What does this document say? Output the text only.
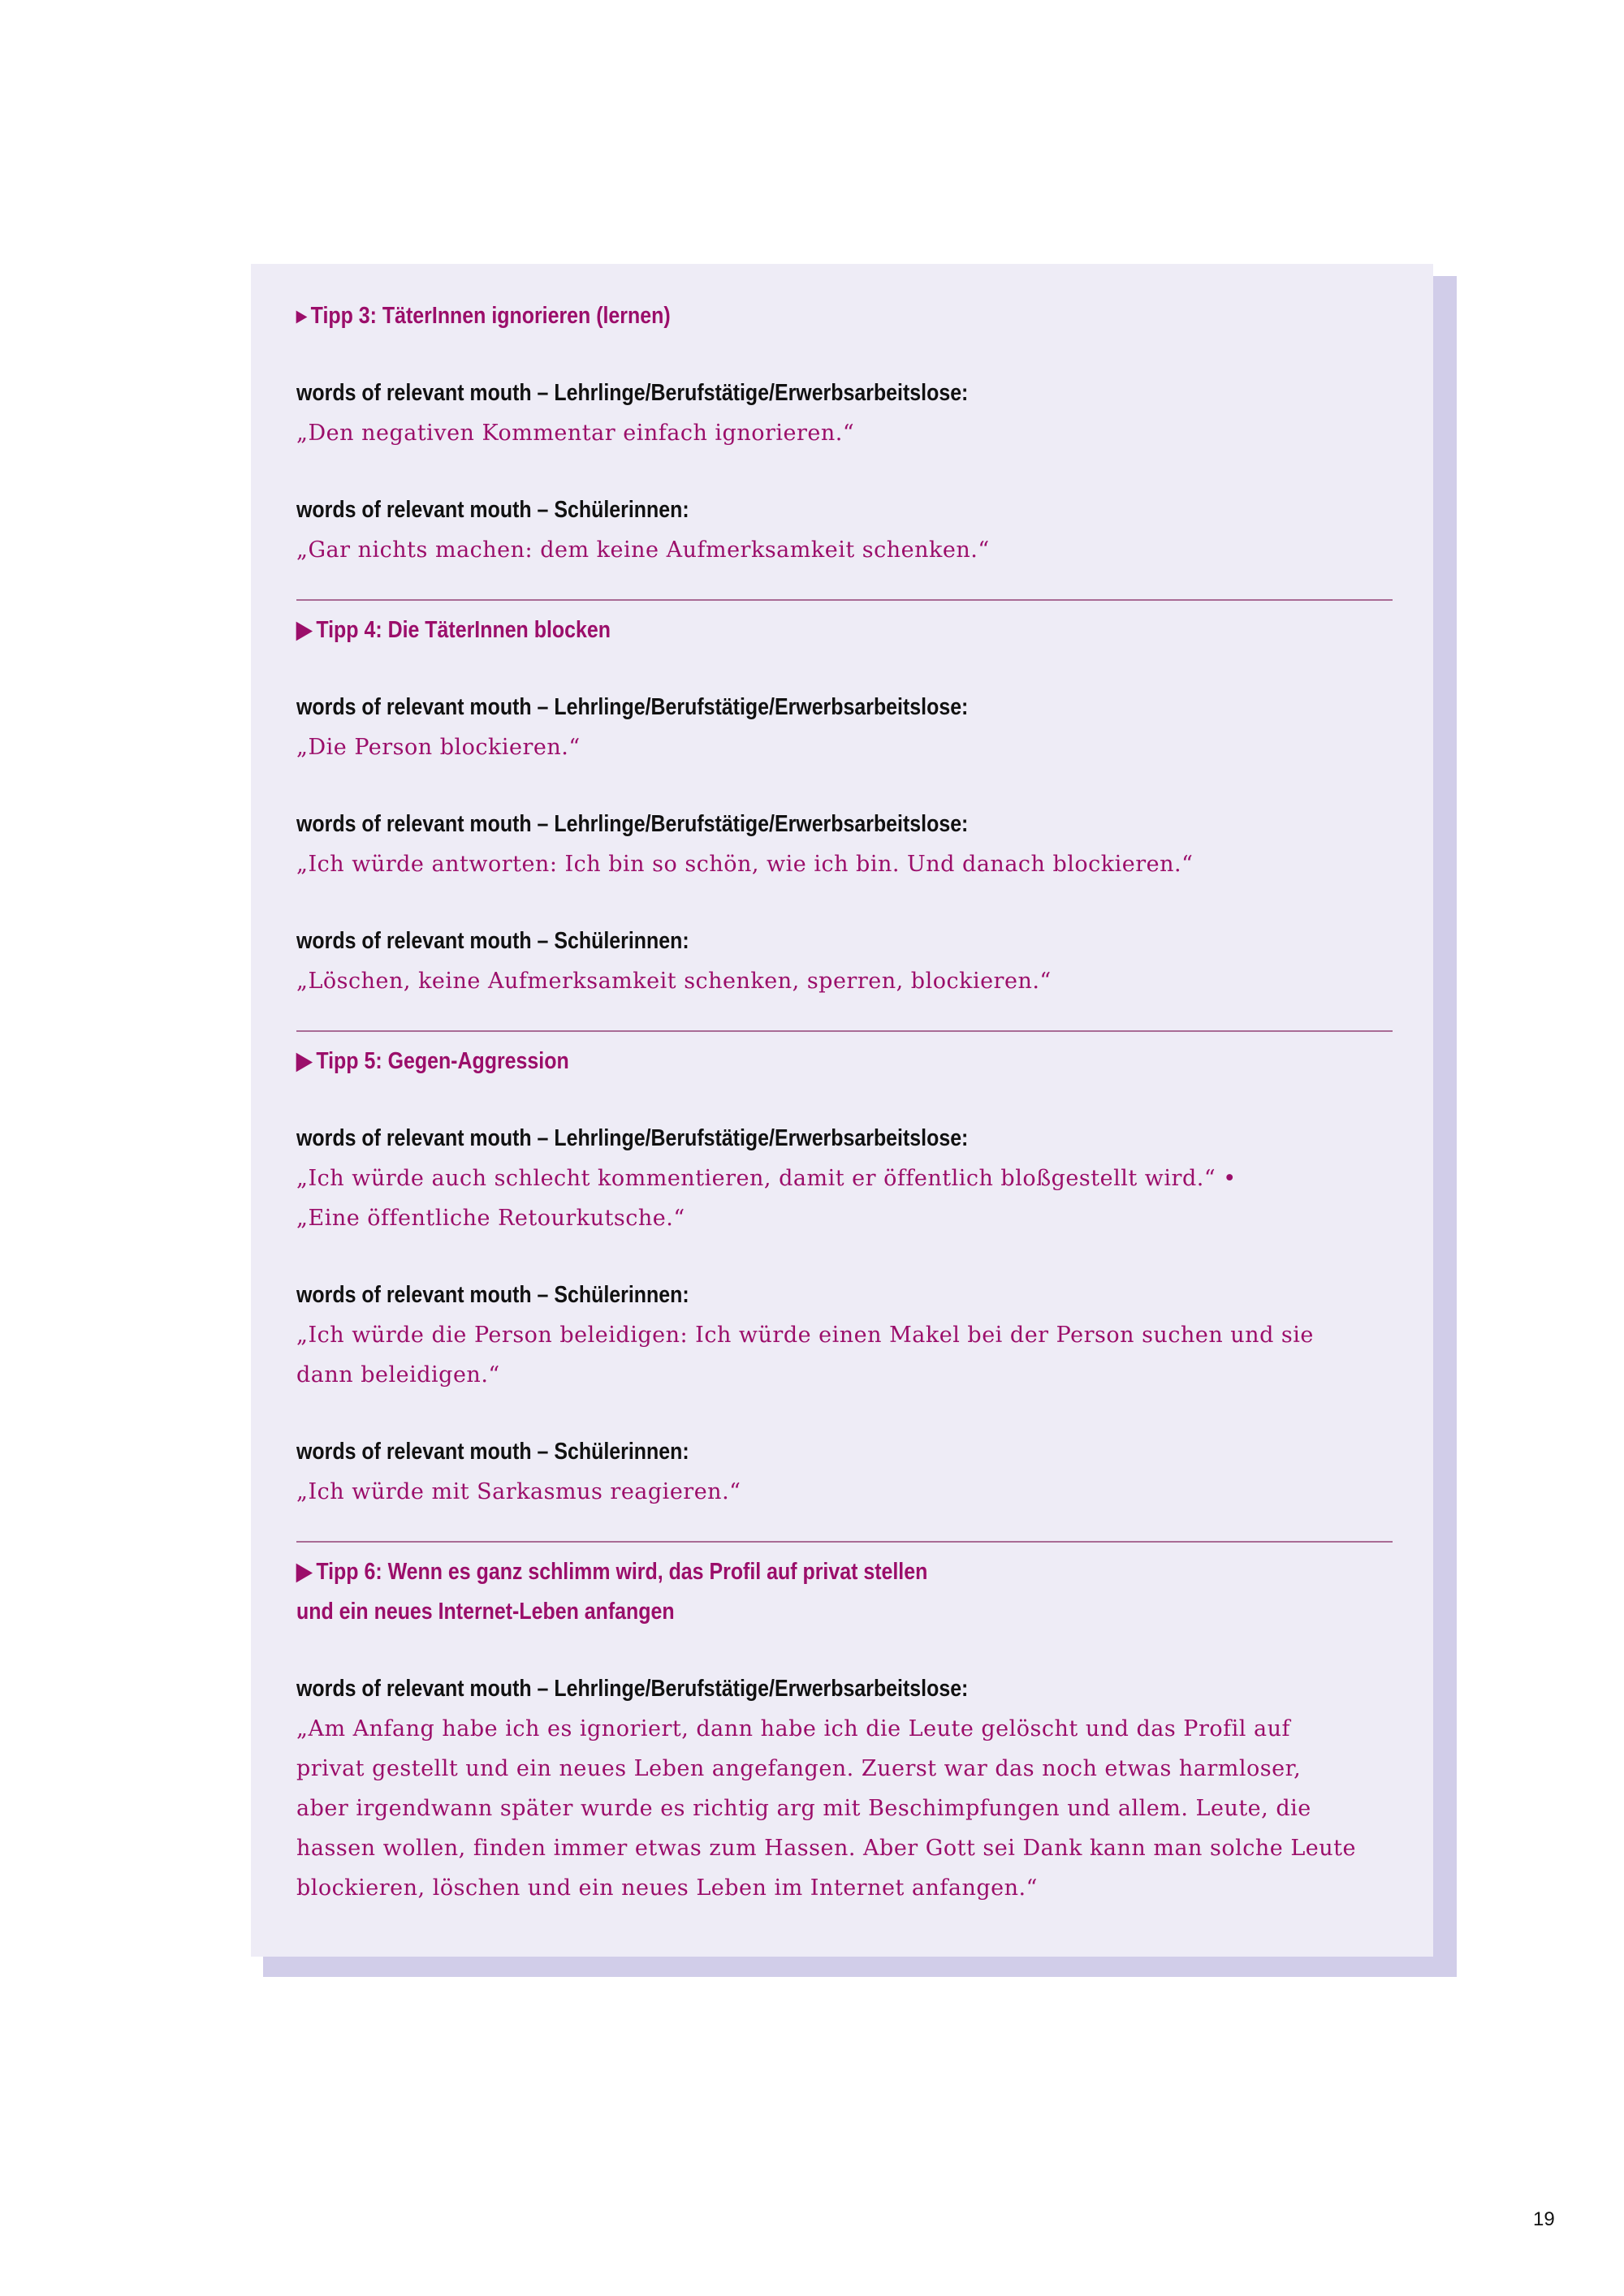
▸ Tipp 3: TäterInnen ignorieren (lernen)
words of relevant mouth – Lehrlinge/Berufstätige/Erwerbsarbeitslose:
„Den negativen Kommentar einfach ignorieren.“
words of relevant mouth – Schülerinnen:
„Gar nichts machen: dem keine Aufmerksamkeit schenken.“
▶ Tipp 4: Die TäterInnen blocken
words of relevant mouth – Lehrlinge/Berufstätige/Erwerbsarbeitslose:
„Die Person blockieren.“
words of relevant mouth – Lehrlinge/Berufstätige/Erwerbsarbeitslose:
„Ich würde antworten: Ich bin so schön, wie ich bin. Und danach blockieren.“
words of relevant mouth – Schülerinnen:
„Löschen, keine Aufmerksamkeit schenken, sperren, blockieren.“
▶ Tipp 5: Gegen-Aggression
words of relevant mouth – Lehrlinge/Berufstätige/Erwerbsarbeitslose:
„Ich würde auch schlecht kommentieren, damit er öffentlich bloßgestellt wird.“ •
„Eine öffentliche Retourkutsche.“
words of relevant mouth – Schülerinnen:
„Ich würde die Person beleidigen: Ich würde einen Makel bei der Person suchen und sie
dann beleidigen.“
words of relevant mouth – Schülerinnen:
„Ich würde mit Sarkasmus reagieren.“
▶ Tipp 6: Wenn es ganz schlimm wird, das Profil auf privat stellen
und ein neues Internet-Leben anfangen
words of relevant mouth – Lehrlinge/Berufstätige/Erwerbsarbeitslose:
„Am Anfang habe ich es ignoriert, dann habe ich die Leute gelöscht und das Profil auf
privat gestellt und ein neues Leben angefangen. Zuerst war das noch etwas harmloser,
aber irgendwann später wurde es richtig arg mit Beschimpfungen und allem. Leute, die
hassen wollen, finden immer etwas zum Hassen. Aber Gott sei Dank kann man solche Leute
blockieren, löschen und ein neues Leben im Internet anfangen.“
19
